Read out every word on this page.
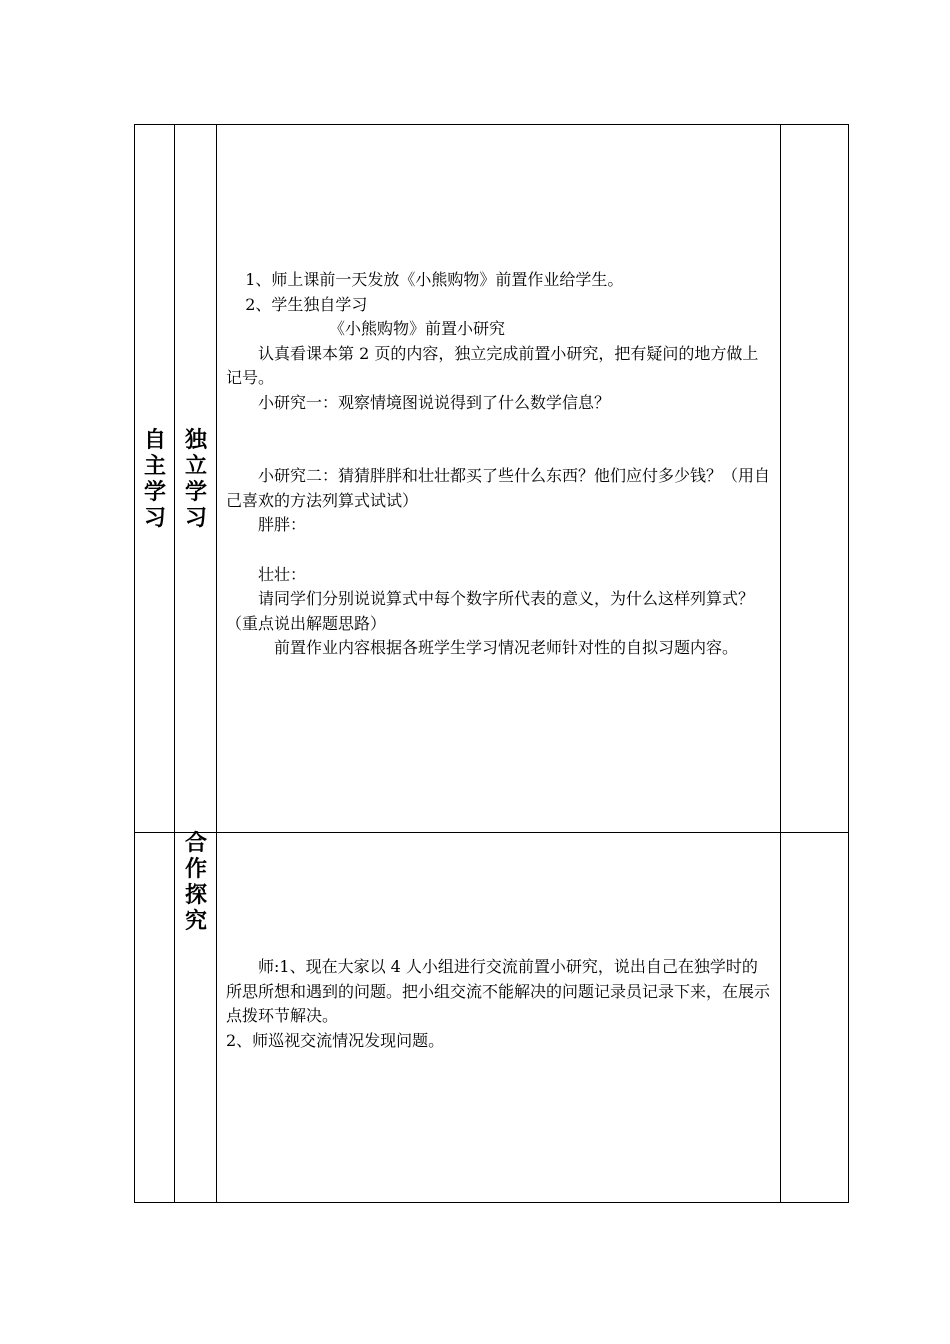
自
主
学
习
独
立
学
习
合
作
探
究

1、师上课前一天发放《小熊购物》前置作业给学生。

2、学生独自学习

《小熊购物》前置小研究

认真看课本第 2 页的内容，独立完成前置小研究，把有疑问的地方做上记号。

小研究一：观察情境图说说得到了什么数学信息？

小研究二：猜猜胖胖和壮壮都买了些什么东西？他们应付多少钱？（用自己喜欢的方法列算式试试）

胖胖：

壮壮：

请同学们分别说说算式中每个数字所代表的意义，为什么这样列算式？（重点说出解题思路）

前置作业内容根据各班学生学习情况老师针对性的自拟习题内容。

师:1、现在大家以 4 人小组进行交流前置小研究，说出自己在独学时的所思所想和遇到的问题。把小组交流不能解决的问题记录员记录下来，在展示点拨环节解决。

2、师巡视交流情况发现问题。
